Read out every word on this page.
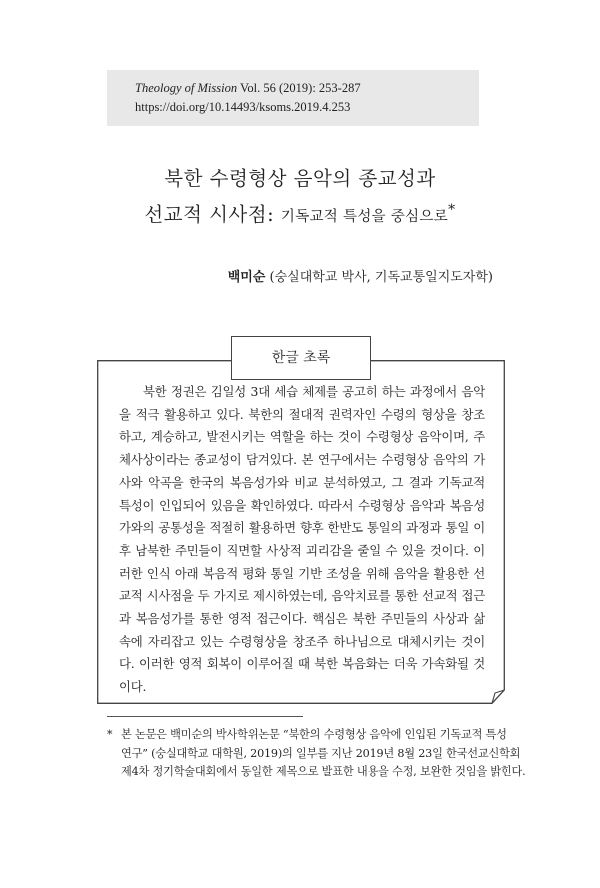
Theology of Mission Vol. 56 (2019): 253-287
https://doi.org/10.14493/ksoms.2019.4.253
북한 수령형상 음악의 종교성과
선교적 시사점: 기독교적 특성을 중심으로*
백미순 (숭실대학교 박사, 기독교통일지도자학)
한글 초록
북한 정권은 김일성 3대 세습 체제를 공고히 하는 과정에서 음악을 적극 활용하고 있다. 북한의 절대적 권력자인 수령의 형상을 창조하고, 계승하고, 발전시키는 역할을 하는 것이 수령형상 음악이며, 주체사상이라는 종교성이 담겨있다. 본 연구에서는 수령형상 음악의 가사와 악곡을 한국의 복음성가와 비교 분석하였고, 그 결과 기독교적 특성이 인입되어 있음을 확인하였다. 따라서 수령형상 음악과 복음성가와의 공통성을 적절히 활용하면 향후 한반도 통일의 과정과 통일 이후 남북한 주민들이 직면할 사상적 괴리감을 줄일 수 있을 것이다. 이러한 인식 아래 복음적 평화 통일 기반 조성을 위해 음악을 활용한 선교적 시사점을 두 가지로 제시하였는데, 음악치료를 통한 선교적 접근과 복음성가를 통한 영적 접근이다. 핵심은 북한 주민들의 사상과 삶 속에 자리잡고 있는 수령형상을 창조주 하나님으로 대체시키는 것이다. 이러한 영적 회복이 이루어질 때 북한 복음화는 더욱 가속화될 것이다.
* 본 논문은 백미순의 박사학위논문 “북한의 수령형상 음악에 인입된 기독교적 특성
연구” (숭실대학교 대학원, 2019)의 일부를 지난 2019년 8월 23일 한국선교신학회
제4차 정기학술대회에서 동일한 제목으로 발표한 내용을 수정, 보완한 것임을 밝힌다.
